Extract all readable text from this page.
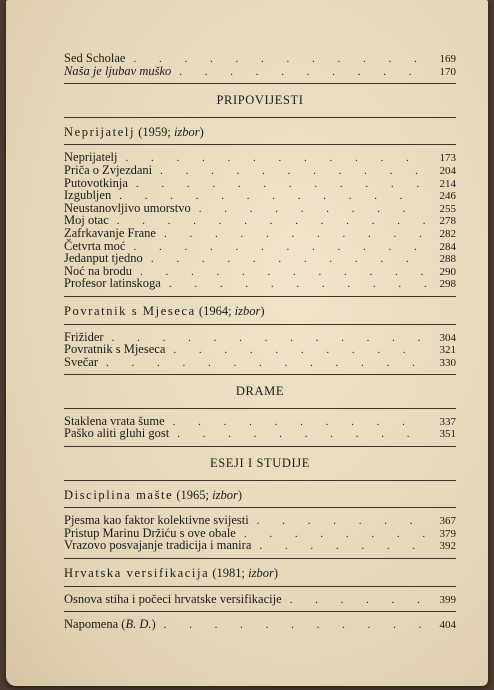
Sed Scholae . . .	169
Naša je ljubav muško . . .	170
PRIPOVIJESTI
Neprijatelj (1959; izbor)
Neprijatelj . . .	173
Priča o Zvjezdani . . .	204
Putovotkinja . . .	214
Izgubljen . . .	246
Neustanovljivo umorstvo . . .	255
Moj otac . . .	278
Zafrkavanje Frane . . .	282
Četvrta moć . . .	284
Jedanput tjedno . . .	288
Noć na brodu . . .	290
Profesor latinskoga . . .	298
Povratnik s Mjeseca (1964; izbor)
Frižider . . .	304
Povratnik s Mjeseca . . .	321
Svečar . . .	330
DRAME
Staklena vrata šume . . .	337
Paško aliti gluhi gost . . .	351
ESEJI I STUDIJE
Disciplina mašte (1965; izbor)
Pjesma kao faktor kolektivne svijesti . . .	367
Pristup Marinu Držiću s ove obale . . .	379
Vrazovo posvajanje tradicija i manira . . .	392
Hrvatska versifikacija (1981; izbor)
Osnova stiha i počeci hrvatske versifikacije . . .	399
Napomena (B. D.) . . .	404
